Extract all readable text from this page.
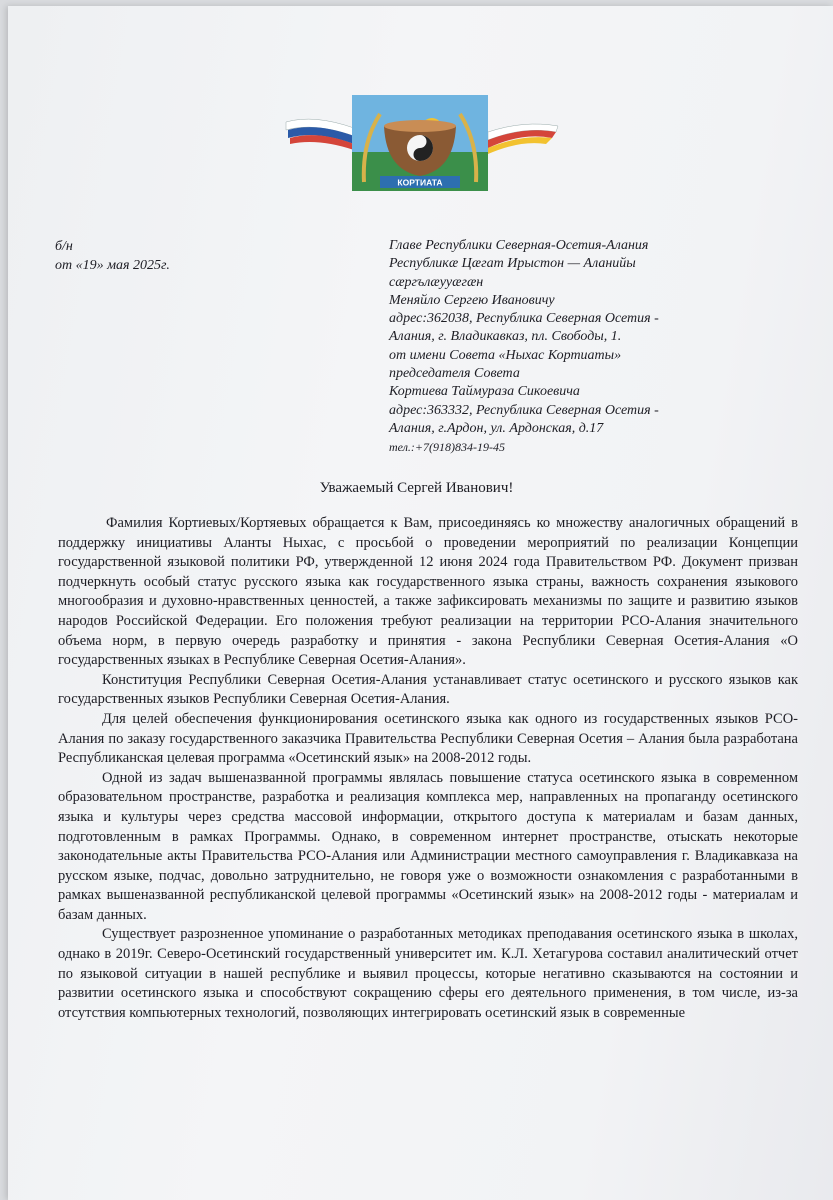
КОРТИАТА
б/н
от «19» мая 2025г.
Главе Республики Северная-Осетия-Алания
Республикæ Цæгат Ирыстон — Аланийы
сæргълæууæгæн
Меняйло Сергею Ивановичу
адрес:362038, Республика Северная Осетия -
Алания, г. Владикавказ, пл. Свободы, 1.
от имени Совета «Ныхас Кортиаты»
председателя Совета
Кортиева Таймураза Сикоевича
адрес:363332, Республика Северная Осетия -
Алания, г.Ардон, ул. Ардонская, д.17
тел.:+7(918)834-19-45
Уважаемый Сергей Иванович!

Фамилия Кортиевых/Кортяевых обращается к Вам, присоединяясь ко множеству аналогичных обращений в поддержку инициативы Аланты Ныхас, с просьбой о проведении мероприятий по реализации Концепции государственной языковой политики РФ, утвержденной 12 июня 2024 года Правительством РФ. Документ призван подчеркнуть особый статус русского языка как государственного языка страны, важность сохранения языкового многообразия и духовно-нравственных ценностей, а также зафиксировать механизмы по защите и развитию языков народов Российской Федерации. Его положения требуют реализации на территории РСО-Алания значительного объема норм, в первую очередь разработку и принятия - закона Республики Северная Осетия-Алания «О государственных языках в Республике Северная Осетия-Алания».

Конституция Республики Северная Осетия-Алания устанавливает статус осетинского и русского языков как государственных языков Республики Северная Осетия-Алания.

Для целей обеспечения функционирования осетинского языка как одного из государственных языков РСО-Алания по заказу государственного заказчика Правительства Республики Северная Осетия – Алания была разработана Республиканская целевая программа «Осетинский язык» на 2008-2012 годы.

Одной из задач вышеназванной программы являлась повышение статуса осетинского языка в современном образовательном пространстве, разработка и реализация комплекса мер, направленных на пропаганду осетинского языка и культуры через средства массовой информации, открытого доступа к материалам и базам данных, подготовленным в рамках Программы. Однако, в современном интернет пространстве, отыскать некоторые законодательные акты Правительства РСО-Алания или Администрации местного самоуправления г. Владикавказа на русском языке, подчас, довольно затруднительно, не говоря уже о возможности ознакомления с разработанными в рамках вышеназванной республиканской целевой программы «Осетинский язык» на 2008-2012 годы - материалам и базам данных.

Существует разрозненное упоминание о разработанных методиках преподавания осетинского языка в школах, однако в 2019г. Северо-Осетинский государственный университет им. К.Л. Хетагурова составил аналитический отчет по языковой ситуации в нашей республике и выявил процессы, которые негативно сказываются на состоянии и развитии осетинского языка и способствуют сокращению сферы его деятельного применения, в том числе, из-за отсутствия компьютерных технологий, позволяющих интегрировать осетинский язык в современные
